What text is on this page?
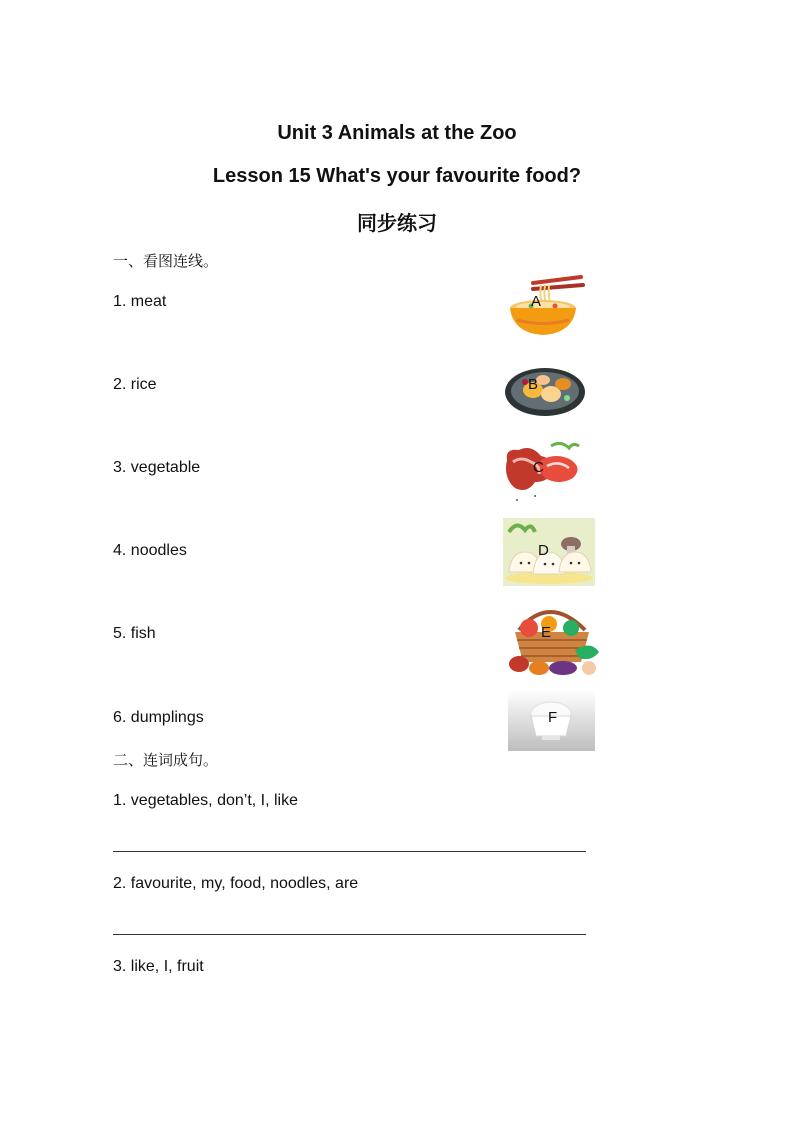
Unit 3 Animals at the Zoo
Lesson 15 What's your favourite food?
同步练习
一、看图连线。
1. meat
2. rice
3. vegetable
4. noodles
5. fish
6. dumplings
A
B
C
D
E
F
二、连词成句。
1. vegetables, don’t, I, like
2. favourite, my, food, noodles, are
3. like, I, fruit
